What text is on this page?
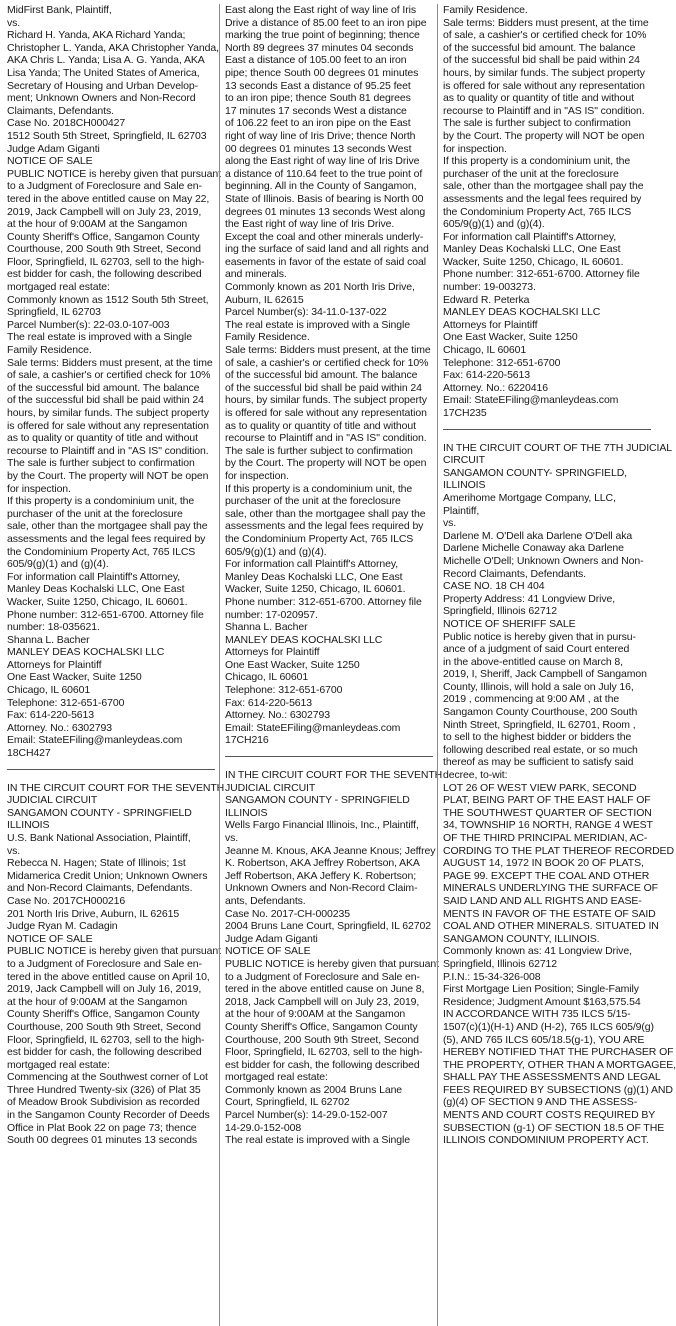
MidFirst Bank, Plaintiff,
vs.
Richard H. Yanda, AKA Richard Yanda;
Christopher L. Yanda, AKA Christopher Yanda,
AKA Chris L. Yanda; Lisa A. G. Yanda, AKA
Lisa Yanda; The United States of America,
Secretary of Housing and Urban Develop-
ment; Unknown Owners and Non-Record
Claimants, Defendants.
Case No. 2018CH000427
1512 South 5th Street, Springfield, IL 62703
Judge Adam Giganti
NOTICE OF SALE
PUBLIC NOTICE is hereby given that pursuant
to a Judgment of Foreclosure and Sale en-
tered in the above entitled cause on May 22,
2019, Jack Campbell will on July 23, 2019,
at the hour of 9:00AM at the Sangamon
County Sheriff's Office, Sangamon County
Courthouse, 200 South 9th Street, Second
Floor, Springfield, IL 62703, sell to the high-
est bidder for cash, the following described
mortgaged real estate:
Commonly known as 1512 South 5th Street,
Springfield, IL 62703
Parcel Number(s): 22-03.0-107-003
The real estate is improved with a Single
Family Residence.
Sale terms: Bidders must present, at the time
of sale, a cashier's or certified check for 10%
of the successful bid amount. The balance
of the successful bid shall be paid within 24
hours, by similar funds. The subject property
is offered for sale without any representation
as to quality or quantity of title and without
recourse to Plaintiff and in "AS IS" condition.
The sale is further subject to confirmation
by the Court. The property will NOT be open
for inspection.
If this property is a condominium unit, the
purchaser of the unit at the foreclosure
sale, other than the mortgagee shall pay the
assessments and the legal fees required by
the Condominium Property Act, 765 ILCS
605/9(g)(1) and (g)(4).
For information call Plaintiff's Attorney,
Manley Deas Kochalski LLC, One East
Wacker, Suite 1250, Chicago, IL 60601.
Phone number: 312-651-6700. Attorney file
number: 18-035621.
Shanna L. Bacher
MANLEY DEAS KOCHALSKI LLC
Attorneys for Plaintiff
One East Wacker, Suite 1250
Chicago, IL 60601
Telephone: 312-651-6700
Fax: 614-220-5613
Attorney. No.: 6302793
Email: StateEFiling@manleydeas.com
18CH427
IN THE CIRCUIT COURT FOR THE SEVENTH
JUDICIAL CIRCUIT
SANGAMON COUNTY - SPRINGFIELD
ILLINOIS
U.S. Bank National Association, Plaintiff,
vs.
Rebecca N. Hagen; State of Illinois; 1st
Midamerica Credit Union; Unknown Owners
and Non-Record Claimants, Defendants.
Case No. 2017CH000216
201 North Iris Drive, Auburn, IL 62615
Judge Ryan M. Cadagin
NOTICE OF SALE
PUBLIC NOTICE is hereby given that pursuant
to a Judgment of Foreclosure and Sale en-
tered in the above entitled cause on April 10,
2019, Jack Campbell will on July 16, 2019,
at the hour of 9:00AM at the Sangamon
County Sheriff's Office, Sangamon County
Courthouse, 200 South 9th Street, Second
Floor, Springfield, IL 62703, sell to the high-
est bidder for cash, the following described
mortgaged real estate:
Commencing at the Southwest corner of Lot
Three Hundred Twenty-six (326) of Plat 35
of Meadow Brook Subdivision as recorded
in the Sangamon County Recorder of Deeds
Office in Plat Book 22 on page 73; thence
South 00 degrees 01 minutes 13 seconds
East along the East right of way line of Iris
Drive a distance of 85.00 feet to an iron pipe
marking the true point of beginning; thence
North 89 degrees 37 minutes 04 seconds
East a distance of 105.00 feet to an iron
pipe; thence South 00 degrees 01 minutes
13 seconds East a distance of 95.25 feet
to an iron pipe; thence South 81 degrees
17 minutes 17 seconds West a distance
of 106.22 feet to an iron pipe on the East
right of way line of Iris Drive; thence North
00 degrees 01 minutes 13 seconds West
along the East right of way line of Iris Drive
a distance of 110.64 feet to the true point of
beginning. All in the County of Sangamon,
State of Illinois. Basis of bearing is North 00
degrees 01 minutes 13 seconds West along
the East right of way line of Iris Drive.
Except the coal and other minerals underly-
ing the surface of said land and all rights and
easements in favor of the estate of said coal
and minerals.
Commonly known as 201 North Iris Drive,
Auburn, IL 62615
Parcel Number(s): 34-11.0-137-022
The real estate is improved with a Single
Family Residence.
Sale terms: Bidders must present, at the time
of sale, a cashier's or certified check for 10%
of the successful bid amount. The balance
of the successful bid shall be paid within 24
hours, by similar funds. The subject property
is offered for sale without any representation
as to quality or quantity of title and without
recourse to Plaintiff and in "AS IS" condition.
The sale is further subject to confirmation
by the Court. The property will NOT be open
for inspection.
If this property is a condominium unit, the
purchaser of the unit at the foreclosure
sale, other than the mortgagee shall pay the
assessments and the legal fees required by
the Condominium Property Act, 765 ILCS
605/9(g)(1) and (g)(4).
For information call Plaintiff's Attorney,
Manley Deas Kochalski LLC, One East
Wacker, Suite 1250, Chicago, IL 60601.
Phone number: 312-651-6700. Attorney file
number: 17-020957.
Shanna L. Bacher
MANLEY DEAS KOCHALSKI LLC
Attorneys for Plaintiff
One East Wacker, Suite 1250
Chicago, IL 60601
Telephone: 312-651-6700
Fax: 614-220-5613
Attorney. No.: 6302793
Email: StateEFiling@manleydeas.com
17CH216
IN THE CIRCUIT COURT FOR THE SEVENTH
JUDICIAL CIRCUIT
SANGAMON COUNTY - SPRINGFIELD
ILLINOIS
Wells Fargo Financial Illinois, Inc., Plaintiff,
vs.
Jeanne M. Knous, AKA Jeanne Knous; Jeffrey
K. Robertson, AKA Jeffrey Robertson, AKA
Jeff Robertson, AKA Jeffery K. Robertson;
Unknown Owners and Non-Record Claim-
ants, Defendants.
Case No. 2017-CH-000235
2004 Bruns Lane Court, Springfield, IL 62702
Judge Adam Giganti
NOTICE OF SALE
PUBLIC NOTICE is hereby given that pursuant
to a Judgment of Foreclosure and Sale en-
tered in the above entitled cause on June 8,
2018, Jack Campbell will on July 23, 2019,
at the hour of 9:00AM at the Sangamon
County Sheriff's Office, Sangamon County
Courthouse, 200 South 9th Street, Second
Floor, Springfield, IL 62703, sell to the high-
est bidder for cash, the following described
mortgaged real estate:
Commonly known as 2004 Bruns Lane
Court, Springfield, IL 62702
Parcel Number(s): 14-29.0-152-007
14-29.0-152-008
The real estate is improved with a Single
Family Residence.
Sale terms: Bidders must present, at the time
of sale, a cashier's or certified check for 10%
of the successful bid amount. The balance
of the successful bid shall be paid within 24
hours, by similar funds. The subject property
is offered for sale without any representation
as to quality or quantity of title and without
recourse to Plaintiff and in "AS IS" condition.
The sale is further subject to confirmation
by the Court. The property will NOT be open
for inspection.
If this property is a condominium unit, the
purchaser of the unit at the foreclosure
sale, other than the mortgagee shall pay the
assessments and the legal fees required by
the Condominium Property Act, 765 ILCS
605/9(g)(1) and (g)(4).
For information call Plaintiff's Attorney,
Manley Deas Kochalski LLC, One East
Wacker, Suite 1250, Chicago, IL 60601.
Phone number: 312-651-6700. Attorney file
number: 19-003273.
Edward R. Peterka
MANLEY DEAS KOCHALSKI LLC
Attorneys for Plaintiff
One East Wacker, Suite 1250
Chicago, IL 60601
Telephone: 312-651-6700
Fax: 614-220-5613
Attorney. No.: 6220416
Email: StateEFiling@manleydeas.com
17CH235
IN THE CIRCUIT COURT OF THE 7TH JUDICIAL
CIRCUIT
SANGAMON COUNTY- SPRINGFIELD,
ILLINOIS
Amerihome Mortgage Company, LLC,
Plaintiff,
vs.
Darlene M. O'Dell aka Darlene O'Dell aka
Darlene Michelle Conaway aka Darlene
Michelle O'Dell; Unknown Owners and Non-
Record Claimants, Defendants.
CASE NO. 18 CH 404
Property Address: 41 Longview Drive,
Springfield, Illinois 62712
NOTICE OF SHERIFF SALE
Public notice is hereby given that in pursu-
ance of a judgment of said Court entered
in the above-entitled cause on March 8,
2019, I, Sheriff, Jack Campbell of Sangamon
County, Illinois, will hold a sale on July 16,
2019 , commencing at 9:00 AM , at the
Sangamon County Courthouse, 200 South
Ninth Street, Springfield, IL 62701, Room ,
to sell to the highest bidder or bidders the
following described real estate, or so much
thereof as may be sufficient to satisfy said
decree, to-wit:
LOT 26 OF WEST VIEW PARK, SECOND
PLAT, BEING PART OF THE EAST HALF OF
THE SOUTHWEST QUARTER OF SECTION
34, TOWNSHIP 16 NORTH, RANGE 4 WEST
OF THE THIRD PRINCIPAL MERIDIAN, AC-
CORDING TO THE PLAT THEREOF RECORDED
AUGUST 14, 1972 IN BOOK 20 OF PLATS,
PAGE 99. EXCEPT THE COAL AND OTHER
MINERALS UNDERLYING THE SURFACE OF
SAID LAND AND ALL RIGHTS AND EASE-
MENTS IN FAVOR OF THE ESTATE OF SAID
COAL AND OTHER MINERALS. SITUATED IN
SANGAMON COUNTY, ILLINOIS.
Commonly known as: 41 Longview Drive,
Springfield, Illinois 62712
P.I.N.: 15-34-326-008
First Mortgage Lien Position; Single-Family
Residence; Judgment Amount $163,575.54
IN ACCORDANCE WITH 735 ILCS 5/15-
1507(c)(1)(H-1) AND (H-2), 765 ILCS 605/9(g)
(5), AND 765 ILCS 605/18.5(g-1), YOU ARE
HEREBY NOTIFIED THAT THE PURCHASER OF
THE PROPERTY, OTHER THAN A MORTGAGEE,
SHALL PAY THE ASSESSMENTS AND LEGAL
FEES REQUIRED BY SUBSECTIONS (g)(1) AND
(g)(4) OF SECTION 9 AND THE ASSESS-
MENTS AND COURT COSTS REQUIRED BY
SUBSECTION (g-1) OF SECTION 18.5 OF THE
ILLINOIS CONDOMINIUM PROPERTY ACT.
